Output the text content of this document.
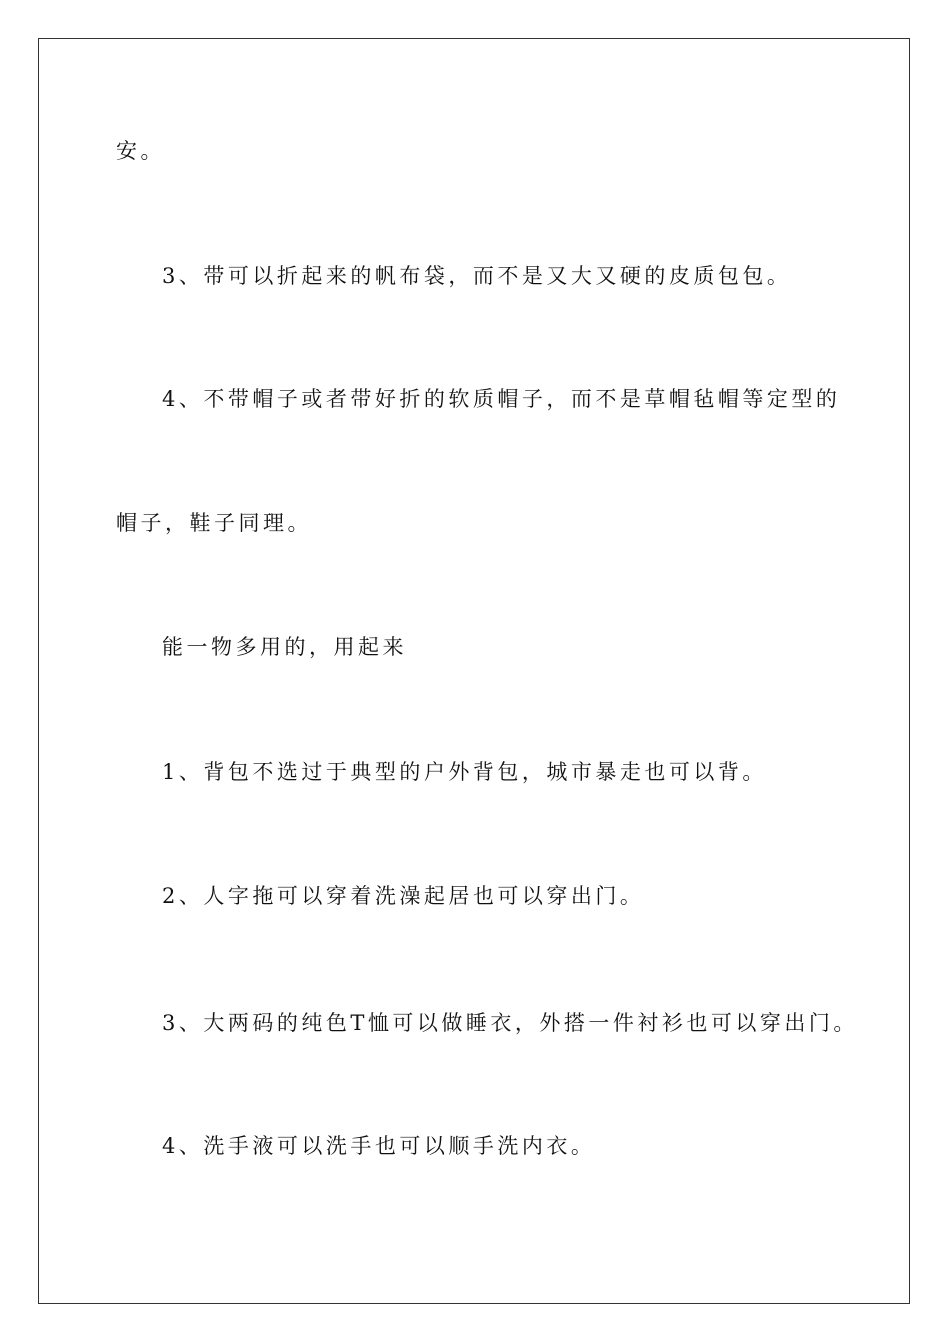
安。
3、带可以折起来的帆布袋，而不是又大又硬的皮质包包。
4、不带帽子或者带好折的软质帽子，而不是草帽毡帽等定型的
帽子，鞋子同理。
能一物多用的，用起来
1、背包不选过于典型的户外背包，城市暴走也可以背。
2、人字拖可以穿着洗澡起居也可以穿出门。
3、大两码的纯色T恤可以做睡衣，外搭一件衬衫也可以穿出门。
4、洗手液可以洗手也可以顺手洗内衣。
